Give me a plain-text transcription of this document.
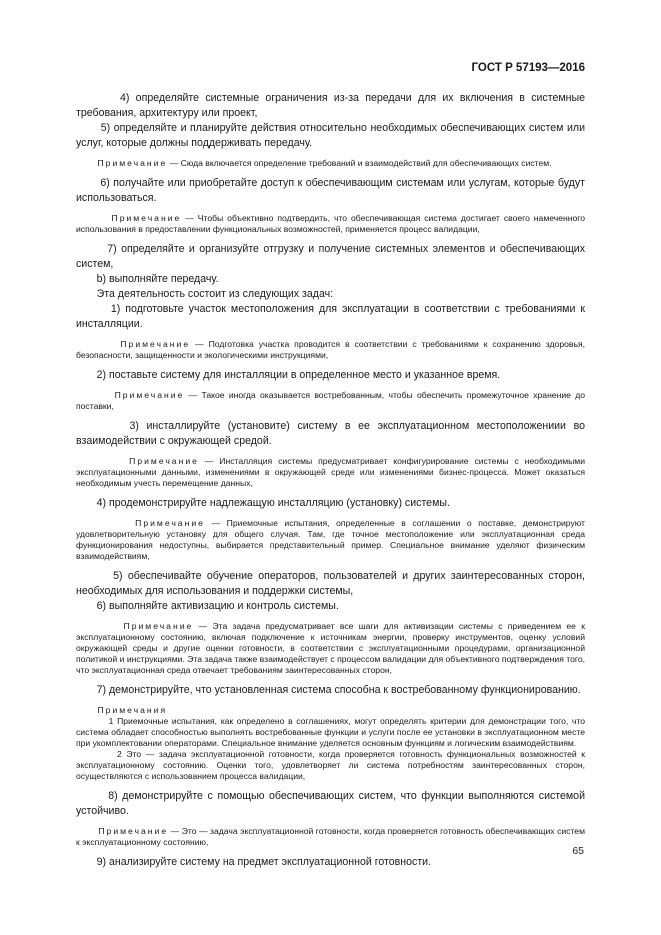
ГОСТ Р 57193—2016

4) определяйте системные ограничения из-за передачи для их включения в системные требования, архитектуру или проект,

5) определяйте и планируйте действия относительно необходимых обеспечивающих систем или услуг, которые должны поддерживать передачу.

Примечание — Сюда включается определение требований и взаимодействий для обеспечивающих систем.

6) получайте или приобретайте доступ к обеспечивающим системам или услугам, которые будут использоваться.

Примечание — Чтобы объективно подтвердить, что обеспечивающая система достигает своего намеченного использования в предоставлении функциональных возможностей, применяется процесс валидации,

7) определяйте и организуйте отгрузку и получение системных элементов и обеспечивающих систем,

b) выполняйте передачу.

Эта деятельность состоит из следующих задач:

1) подготовьте участок местоположения для эксплуатации в соответствии с требованиями к инсталляции.

Примечание — Подготовка участка проводится в соответствии с требованиями к сохранению здоровья, безопасности, защищенности и экологическими инструкциями,

2) поставьте систему для инсталляции в определенное место и указанное время.

Примечание — Такое иногда оказывается востребованным, чтобы обеспечить промежуточное хранение до поставки,

3) инсталлируйте (установите) систему в ее эксплуатационном местоположениии во взаимодействии с окружающей средой.

Примечание — Инсталляция системы предусматривает конфигурирование системы с необходимыми эксплуатационными данными, изменениями в окружающей среде или изменениями бизнес-процесса. Может оказаться необходимым учесть перемещение данных,

4) продемонстрируйте надлежащую инсталляцию (установку) системы.

Примечание — Приемочные испытания, определенные в соглашении о поставке, демонстрируют удовлетворительную установку для общего случая. Там, где точное местоположение или эксплуатационная среда функционирования недоступны, выбирается представительный пример. Специальное внимание уделяют физическим взаимодействиям,

5) обеспечивайте обучение операторов, пользователей и других заинтересованных сторон, необходимых для использования и поддержки системы,

6) выполняйте активизацию и контроль системы.

Примечание — Эта задача предусматривает все шаги для активизации системы с приведением ее к эксплуатационному состоянию, включая подключение к источникам энергии, проверку инструментов, оценку условий окружающей среды и другие оценки готовности, в соответствии с эксплуатационными процедурами, организационной политикой и инструкциями. Эта задача также взаимодействует с процессом валидации для объективного подтверждения того, что эксплуатационная среда отвечает требованиям заинтересованных сторон,

7) демонстрируйте, что установленная система способна к востребованному функционированию.

Примечания

1 Приемочные испытания, как определено в соглашениях, могут определять критерии для демонстрации того, что система обладает способностью выполнять востребованные функции и услуги после ее установки в эксплуатационном месте при укомплектовании операторами. Специальное внимание уделяется основным функциям и логическим взаимодействиям.

2 Это — задача эксплуатационной готовности, когда проверяется готовность функциональных возможностей к эксплуатационному состоянию. Оценки того, удовлетворяет ли система потребностям заинтересованных сторон, осуществляются с использованием процесса валидации,

8) демонстрируйте с помощью обеспечивающих систем, что функции выполняются системой устойчиво.

Примечание — Это — задача эксплуатационной готовности, когда проверяется готовность обеспечивающих систем к эксплуатационному состоянию,

9) анализируйте систему на предмет эксплуатационной готовности.

65
